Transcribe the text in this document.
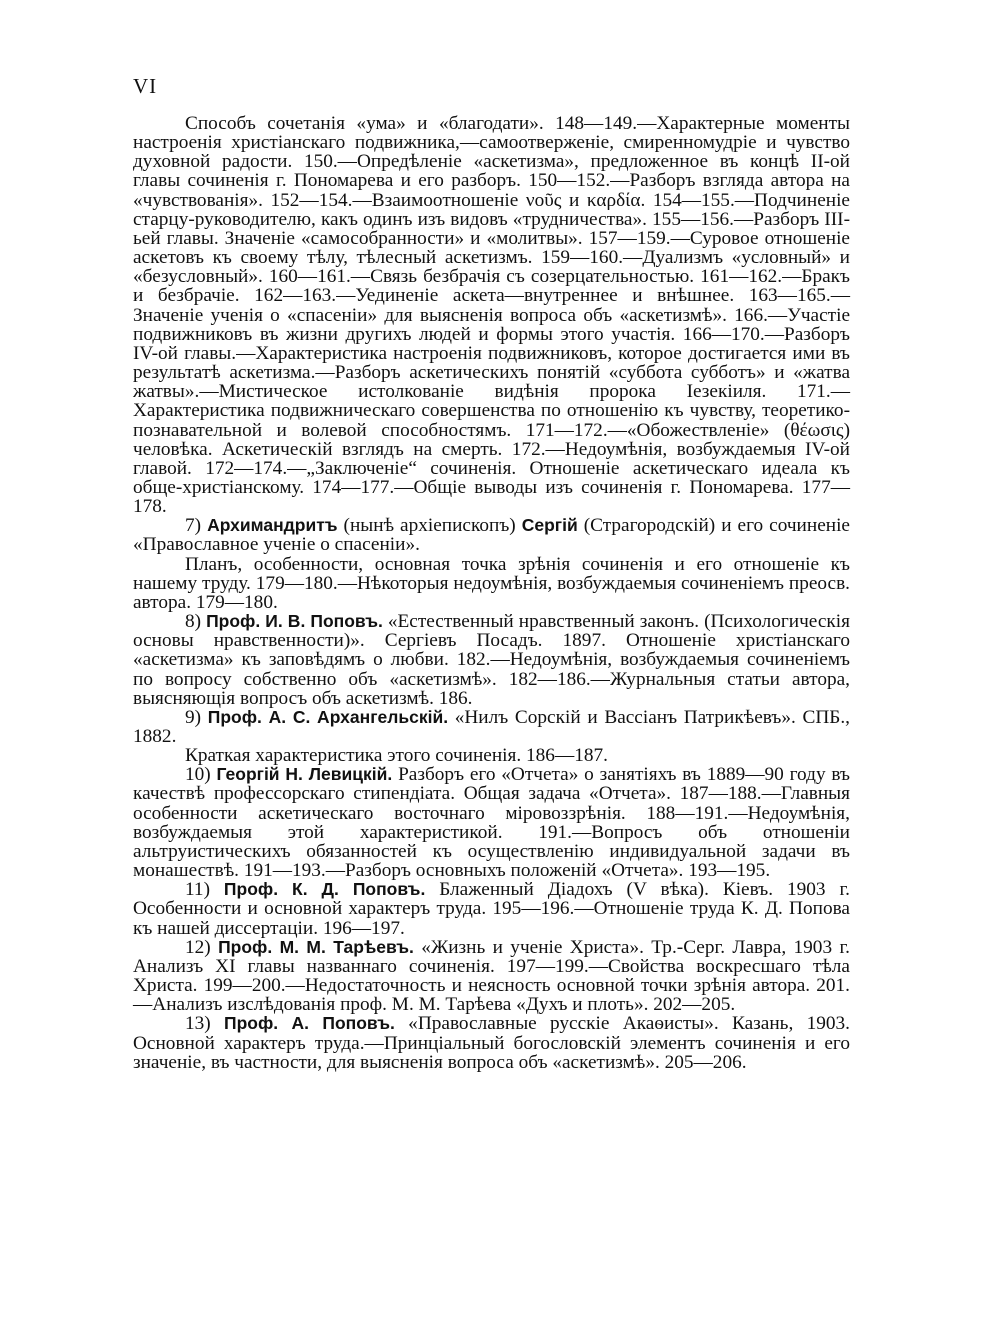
VI

Способъ сочетанія «ума» и «благодати». 148—149.—Характерные моменты настроенія христіанскаго подвижника,—самоотверженіе, смиренномудріе и чувство духовной радости. 150.—Опредѣленіе «аскетизма», предложенное въ концѣ II-ой главы сочиненія г. Пономарева и его разборъ. 150—152.—Разборъ взгляда автора на «чувствованія». 152—154.—Взаимоотношеніе νοῦς и καρδία. 154—155.—Подчиненіе старцу-руководителю, какъ одинъ изъ видовъ «трудничества». 155—156.—Разборъ III-ьей главы. Значеніе «самособранности» и «молитвы». 157—159.—Суровое отношеніе аскетовъ къ своему тѣлу, тѣлесный аскетизмъ. 159—160.—Дуализмъ «условный» и «безусловный». 160—161.—Связь безбрачія съ созерцательностью. 161—162.—Бракъ и безбрачіе. 162—163.—Уединеніе аскета—внутреннее и внѣшнее. 163—165.—Значеніе ученія о «спасеніи» для выясненія вопроса объ «аскетизмѣ». 166.—Участіе подвижниковъ въ жизни другихъ людей и формы этого участія. 166—170.—Разборъ IV-ой главы.—Характеристика настроенія подвижниковъ, которое достигается ими въ результатѣ аскетизма.—Разборъ аскетическихъ понятій «суббота субботъ» и «жатва жатвы».—Мистическое истолкованіе видѣнія пророка Іезекіиля. 171.—Характеристика подвижническаго совершенства по отношенію къ чувству, теоретико-познавательной и волевой способностямъ. 171—172.—«Обожествленіе» (θέωσις) человѣка. Аскетическій взглядъ на смерть. 172.—Недоумѣнія, возбуждаемыя IV-ой главой. 172—174.—„Заключеніе“ сочиненія. Отношеніе аскетическаго идеала къ обще-христіанскому. 174—177.—Общіе выводы изъ сочиненія г. Пономарева. 177—178.

7) Архимандритъ (нынѣ архіепископъ) Сергій (Страгородскій) и его сочиненіе «Православное ученіе о спасеніи».

Планъ, особенности, основная точка зрѣнія сочиненія и его отношеніе къ нашему труду. 179—180.—Нѣкоторыя недоумѣнія, возбуждаемыя сочиненіемъ преосв. автора. 179—180.

8) Проф. И. В. Поповъ. «Естественный нравственный законъ. (Психологическія основы нравственности)». Сергіевъ Посадъ. 1897. Отношеніе христіанскаго «аскетизма» къ заповѣдямъ о любви. 182.—Недоумѣнія, возбуждаемыя сочиненіемъ по вопросу собственно объ «аскетизмѣ». 182—186.—Журнальныя статьи автора, выясняющія вопросъ объ аскетизмѣ. 186.

9) Проф. А. С. Архангельскій. «Нилъ Сорскій и Вассіанъ Патрикѣевъ». СПБ., 1882.

Краткая характеристика этого сочиненія. 186—187.

10) Георгій Н. Левицкій. Разборъ его «Отчета» о занятіяхъ въ 1889—90 году въ качествѣ профессорскаго стипендіата. Общая задача «Отчета». 187—188.—Главныя особенности аскетическаго восточнаго міровоззрѣнія. 188—191.—Недоумѣнія, возбуждаемыя этой характеристикой. 191.—Вопросъ объ отношеніи альтруистическихъ обязанностей къ осуществленію индивидуальной задачи въ монашествѣ. 191—193.—Разборъ основныхъ положеній «Отчета». 193—195.

11) Проф. К. Д. Поповъ. Блаженный Діадохъ (V вѣка). Кіевъ. 1903 г. Особенности и основной характеръ труда. 195—196.—Отношеніе труда К. Д. Попова къ нашей диссертаціи. 196—197.

12) Проф. М. М. Тарѣевъ. «Жизнь и ученіе Христа». Тр.-Серг. Лавра, 1903 г. Анализъ XI главы названнаго сочиненія. 197—199.—Свойства воскресшаго тѣла Христа. 199—200.—Недостаточность и неясность основной точки зрѣнія автора. 201.—Анализъ изслѣдованія проф. М. М. Тарѣева «Духъ и плоть». 202—205.

13) Проф. А. Поповъ. «Православные русскіе Акаѳисты». Казань, 1903. Основной характеръ труда.—Принціальный богословскій элементъ сочиненія и его значеніе, въ частности, для выясненія вопроса объ «аскетизмѣ». 205—206.
